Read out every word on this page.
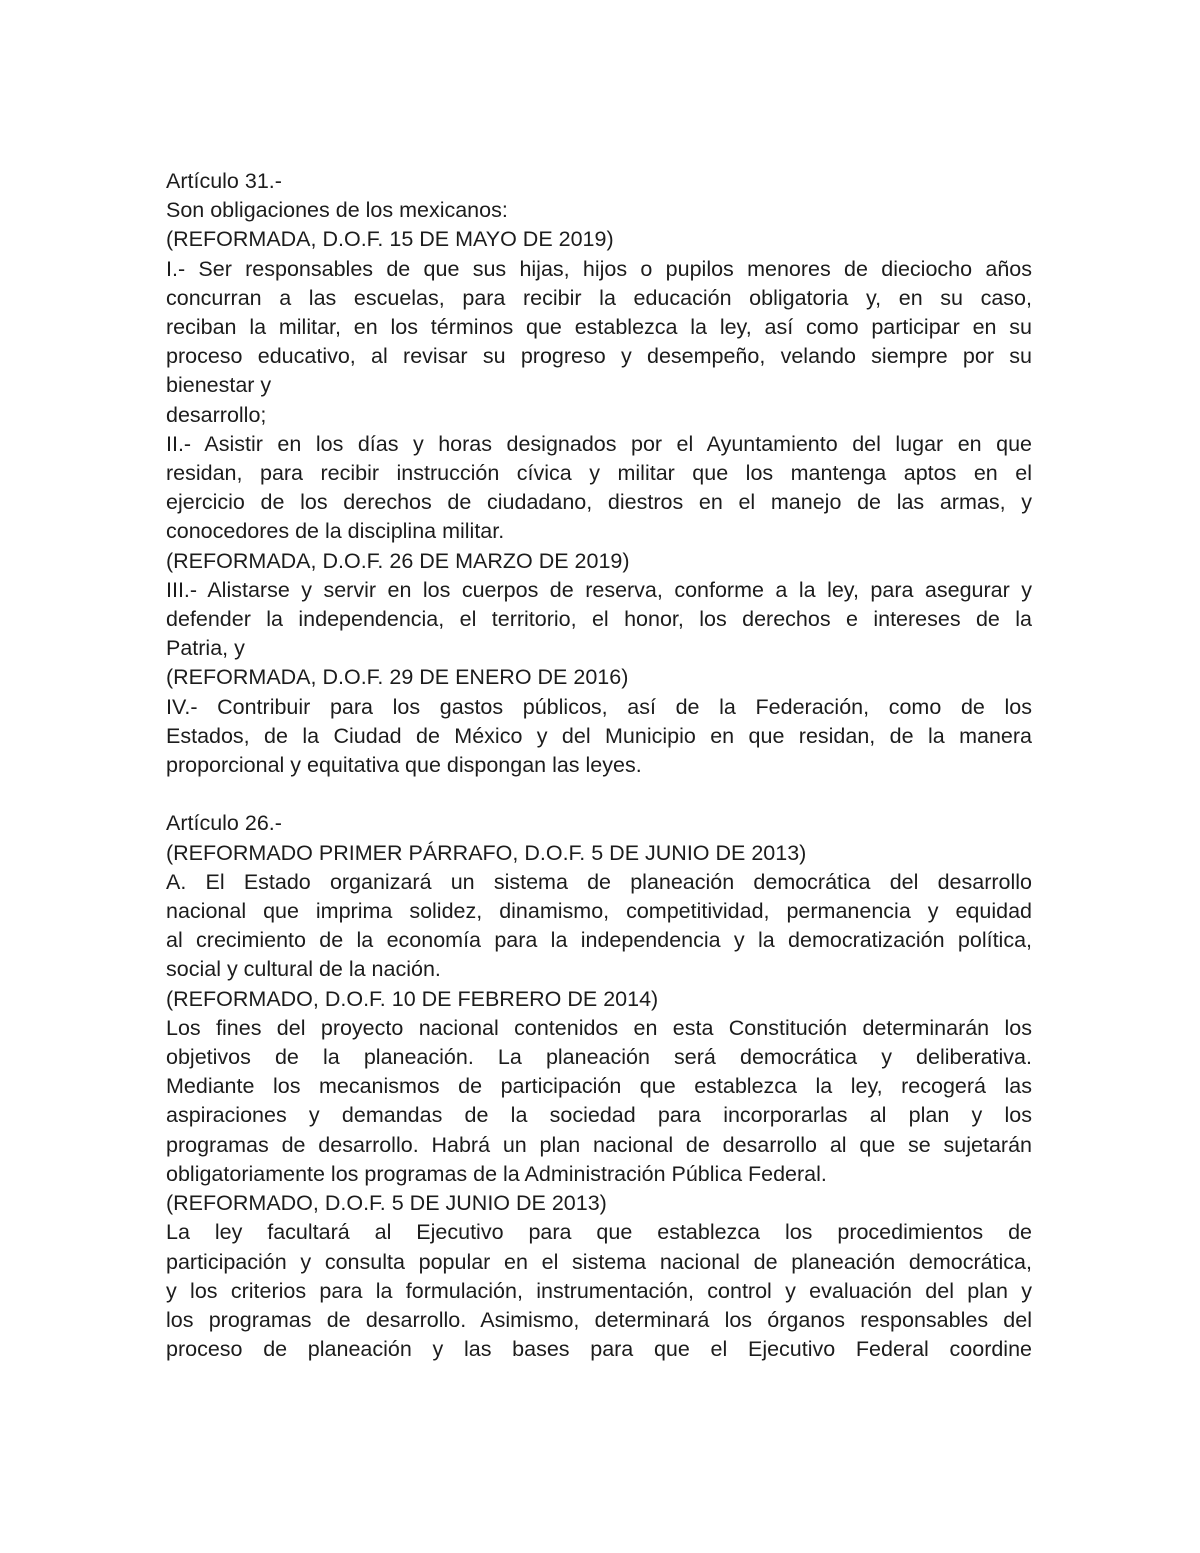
Artículo 31.-
Son obligaciones de los mexicanos:
(REFORMADA, D.O.F. 15 DE MAYO DE 2019)
I.- Ser responsables de que sus hijas, hijos o pupilos menores de dieciocho años
concurran a las escuelas, para recibir la educación obligatoria y, en su caso,
reciban la militar, en los términos que establezca la ley, así como participar en su
proceso educativo, al revisar su progreso y desempeño, velando siempre por su
bienestar y
desarrollo;
II.- Asistir en los días y horas designados por el Ayuntamiento del lugar en que
residan, para recibir instrucción cívica y militar que los mantenga aptos en el
ejercicio de los derechos de ciudadano, diestros en el manejo de las armas, y
conocedores de la disciplina militar.
(REFORMADA, D.O.F. 26 DE MARZO DE 2019)
III.- Alistarse y servir en los cuerpos de reserva, conforme a la ley, para asegurar y
defender la independencia, el territorio, el honor, los derechos e intereses de la
Patria, y
(REFORMADA, D.O.F. 29 DE ENERO DE 2016)
IV.- Contribuir para los gastos públicos, así de la Federación, como de los
Estados, de la Ciudad de México y del Municipio en que residan, de la manera
proporcional y equitativa que dispongan las leyes.
Artículo 26.-
(REFORMADO PRIMER PÁRRAFO, D.O.F. 5 DE JUNIO DE 2013)
A. El Estado organizará un sistema de planeación democrática del desarrollo
nacional que imprima solidez, dinamismo, competitividad, permanencia y equidad
al crecimiento de la economía para la independencia y la democratización política,
social y cultural de la nación.
(REFORMADO, D.O.F. 10 DE FEBRERO DE 2014)
Los fines del proyecto nacional contenidos en esta Constitución determinarán los
objetivos de la planeación. La planeación será democrática y deliberativa.
Mediante los mecanismos de participación que establezca la ley, recogerá las
aspiraciones y demandas de la sociedad para incorporarlas al plan y los
programas de desarrollo. Habrá un plan nacional de desarrollo al que se sujetarán
obligatoriamente los programas de la Administración Pública Federal.
(REFORMADO, D.O.F. 5 DE JUNIO DE 2013)
La ley facultará al Ejecutivo para que establezca los procedimientos de
participación y consulta popular en el sistema nacional de planeación democrática,
y los criterios para la formulación, instrumentación, control y evaluación del plan y
los programas de desarrollo. Asimismo, determinará los órganos responsables del
proceso de planeación y las bases para que el Ejecutivo Federal coordine
